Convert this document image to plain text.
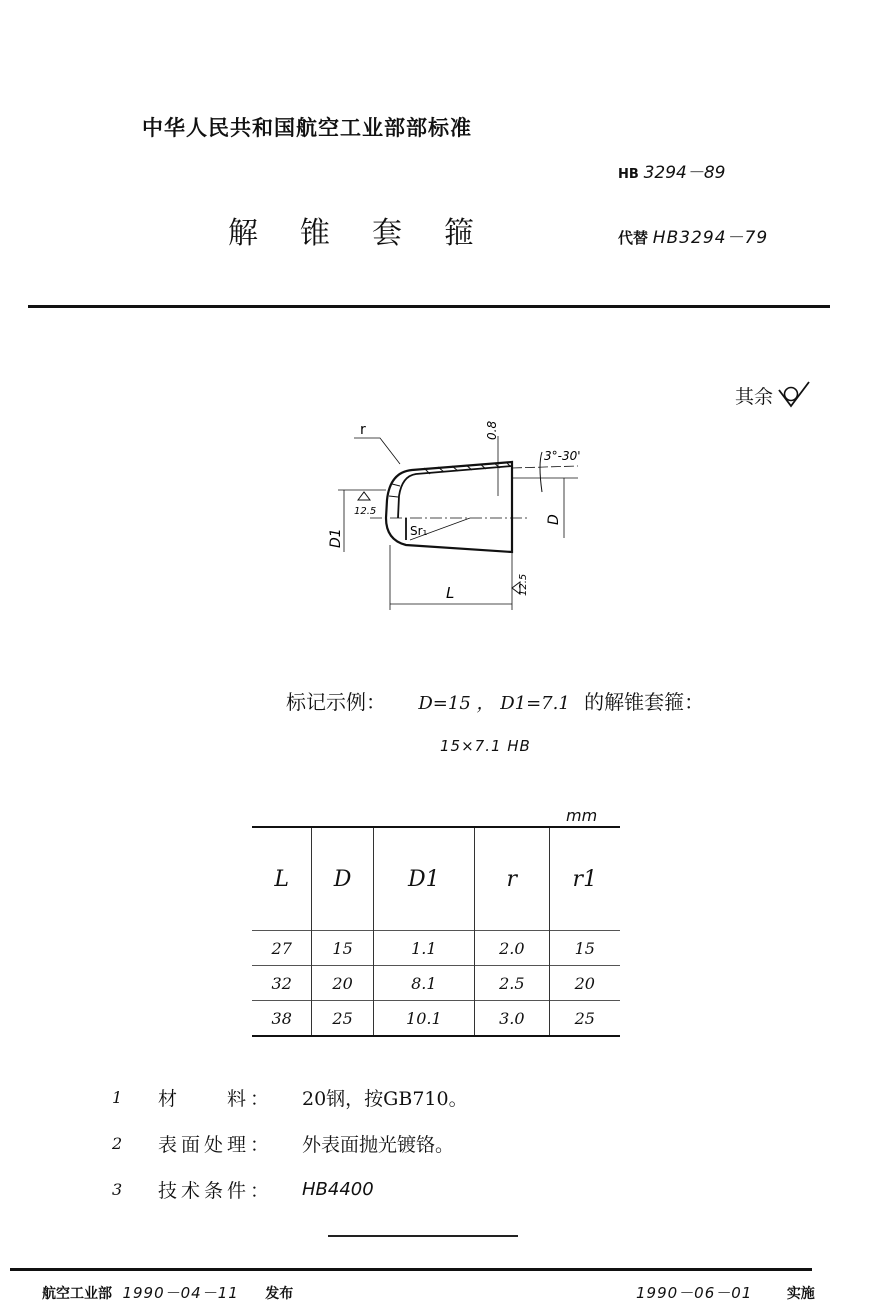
中华人民共和国航空工业部部标准
HB 3294－89
解锥套箍	代替 HB3294－79
其余
Sr₁
r	0.8
3°-30'
D
D1
12.5
L	12.5
标记示例： D=15 ， D1=7.1 的解锥套箍：
15×7.1 HB
mm
L	D	D1	r	r1
27	15	1.1	2.0	15
32	20	8.1	2.5	20
38	25	10.1	3.0	25
1	材　　料：	20钢，按GB710。
2	表面处理：	外表面抛光镀铬。
3	技术条件：	HB4400
航空工业部 1990－04－11 发布	1990－06－01 实施
